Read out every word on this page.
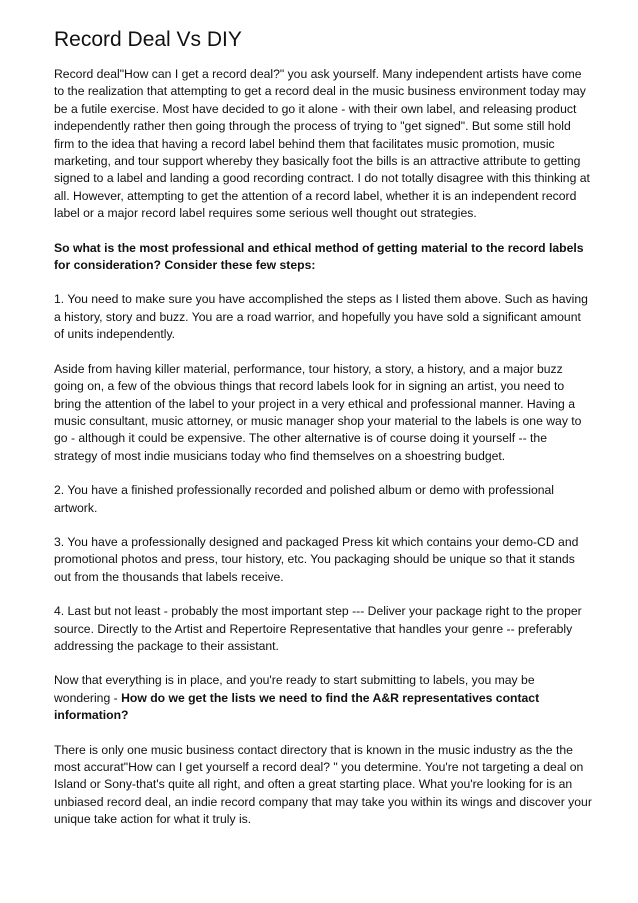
Record Deal Vs DIY

Record deal"How can I get a record deal?" you ask yourself. Many independent artists have come to the realization that attempting to get a record deal in the music business environment today may be a futile exercise. Most have decided to go it alone - with their own label, and releasing product independently rather then going through the process of trying to "get signed". But some still hold firm to the idea that having a record label behind them that facilitates music promotion, music marketing, and tour support whereby they basically foot the bills is an attractive attribute to getting signed to a label and landing a good recording contract. I do not totally disagree with this thinking at all. However, attempting to get the attention of a record label, whether it is an independent record label or a major record label requires some serious well thought out strategies.

So what is the most professional and ethical method of getting material to the record labels for consideration? Consider these few steps:

1. You need to make sure you have accomplished the steps as I listed them above. Such as having a history, story and buzz. You are a road warrior, and hopefully you have sold a significant amount of units independently.

Aside from having killer material, performance, tour history, a story, a history, and a major buzz going on, a few of the obvious things that record labels look for in signing an artist, you need to bring the attention of the label to your project in a very ethical and professional manner. Having a music consultant, music attorney, or music manager shop your material to the labels is one way to go - although it could be expensive. The other alternative is of course doing it yourself -- the strategy of most indie musicians today who find themselves on a shoestring budget.

2. You have a finished professionally recorded and polished album or demo with professional artwork.

3. You have a professionally designed and packaged Press kit which contains your demo-CD and promotional photos and press, tour history, etc. You packaging should be unique so that it stands out from the thousands that labels receive.

4. Last but not least - probably the most important step --- Deliver your package right to the proper source. Directly to the Artist and Repertoire Representative that handles your genre -- preferably addressing the package to their assistant.

Now that everything is in place, and you're ready to start submitting to labels, you may be wondering - How do we get the lists we need to find the A&R representatives contact information?

There is only one music business contact directory that is known in the music industry as the the most accurat"How can I get yourself a record deal? " you determine. You're not targeting a deal on Island or Sony-that's quite all right, and often a great starting place. What you're looking for is an unbiased record deal, an indie record company that may take you within its wings and discover your unique take action for what it truly is.
